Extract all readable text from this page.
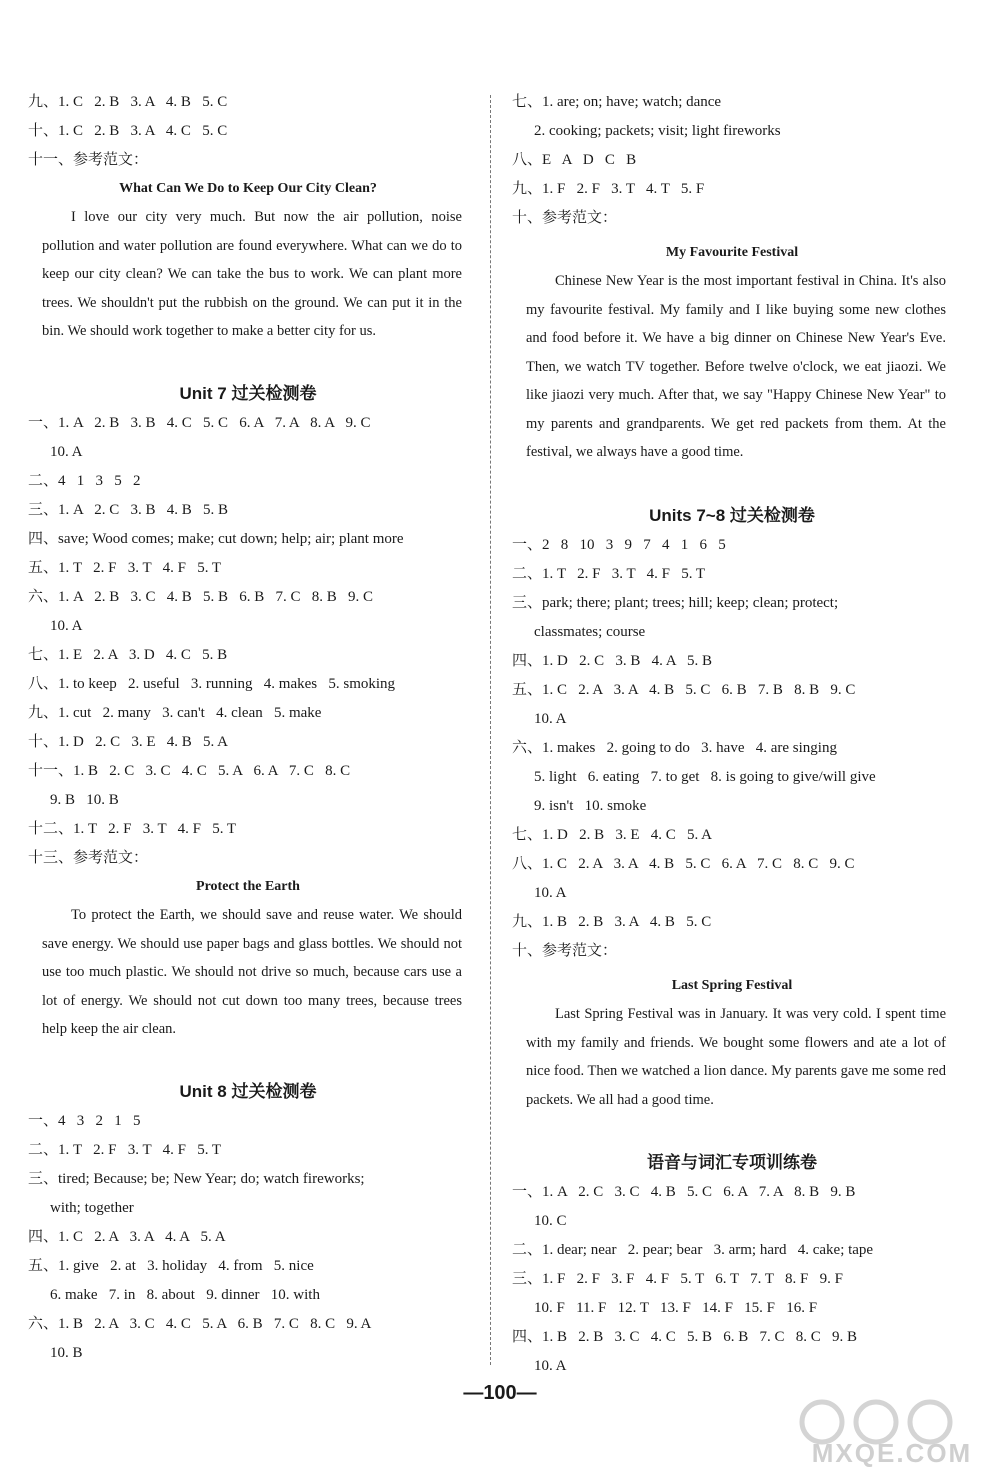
九、1. C   2. B   3. A   4. B   5. C
十、1. C   2. B   3. A   4. C   5. C
十一、参考范文：
What Can We Do to Keep Our City Clean?

I love our city very much. But now the air pollution, noise pollution and water pollution are found everywhere. What can we do to keep our city clean? We can take the bus to work. We can plant more trees. We shouldn't put the rubbish on the ground. We can put it in the bin. We should work together to make a better city for us.

Unit 7 过关检测卷
一、1. A   2. B   3. B   4. C   5. C   6. A   7. A   8. A   9. C
10. A
二、4   1   3   5   2
三、1. A   2. C   3. B   4. B   5. B
四、save; Wood comes; make; cut down; help; air; plant more
五、1. T   2. F   3. T   4. F   5. T
六、1. A   2. B   3. C   4. B   5. B   6. B   7. C   8. B   9. C
10. A
七、1. E   2. A   3. D   4. C   5. B
八、1. to keep   2. useful   3. running   4. makes   5. smoking
九、1. cut   2. many   3. can't   4. clean   5. make
十、1. D   2. C   3. E   4. B   5. A
十一、1. B   2. C   3. C   4. C   5. A   6. A   7. C   8. C
9. B   10. B
十二、1. T   2. F   3. T   4. F   5. T
十三、参考范文：
Protect the Earth

To protect the Earth, we should save and reuse water. We should save energy. We should use paper bags and glass bottles. We should not use too much plastic. We should not drive so much, because cars use a lot of energy. We should not cut down too many trees, because trees help keep the air clean.

Unit 8 过关检测卷
一、4   3   2   1   5
二、1. T   2. F   3. T   4. F   5. T
三、tired; Because; be; New Year; do; watch fireworks;
with; together
四、1. C   2. A   3. A   4. A   5. A
五、1. give   2. at   3. holiday   4. from   5. nice
6. make   7. in   8. about   9. dinner   10. with
六、1. B   2. A   3. C   4. C   5. A   6. B   7. C   8. C   9. A
10. B
七、1. are; on; have; watch; dance
2. cooking; packets; visit; light fireworks
八、E   A   D   C   B
九、1. F   2. F   3. T   4. T   5. F
十、参考范文：
My Favourite Festival

Chinese New Year is the most important festival in China. It's also my favourite festival. My family and I like buying some new clothes and food before it. We have a big dinner on Chinese New Year's Eve. Then, we watch TV together. Before twelve o'clock, we eat jiaozi. We like jiaozi very much. After that, we say "Happy Chinese New Year" to my parents and grandparents. We get red packets from them. At the festival, we always have a good time.

Units 7~8 过关检测卷
一、2   8   10   3   9   7   4   1   6   5
二、1. T   2. F   3. T   4. F   5. T
三、park; there; plant; trees; hill; keep; clean; protect;
classmates; course
四、1. D   2. C   3. B   4. A   5. B
五、1. C   2. A   3. A   4. B   5. C   6. B   7. B   8. B   9. C
10. A
六、1. makes   2. going to do   3. have   4. are singing
5. light   6. eating   7. to get   8. is going to give/will give
9. isn't   10. smoke
七、1. D   2. B   3. E   4. C   5. A
八、1. C   2. A   3. A   4. B   5. C   6. A   7. C   8. C   9. C
10. A
九、1. B   2. B   3. A   4. B   5. C
十、参考范文：
Last Spring Festival

Last Spring Festival was in January. It was very cold. I spent time with my family and friends. We bought some flowers and ate a lot of nice food. Then we watched a lion dance. My parents gave me some red packets. We all had a good time.

语音与词汇专项训练卷
一、1. A   2. C   3. C   4. B   5. C   6. A   7. A   8. B   9. B
10. C
二、1. dear; near   2. pear; bear   3. arm; hard   4. cake; tape
三、1. F   2. F   3. F   4. F   5. T   6. T   7. T   8. F   9. F
10. F   11. F   12. T   13. F   14. F   15. F   16. F
四、1. B   2. B   3. C   4. C   5. B   6. B   7. C   8. C   9. B
10. A
—100—
MXQE.COM
